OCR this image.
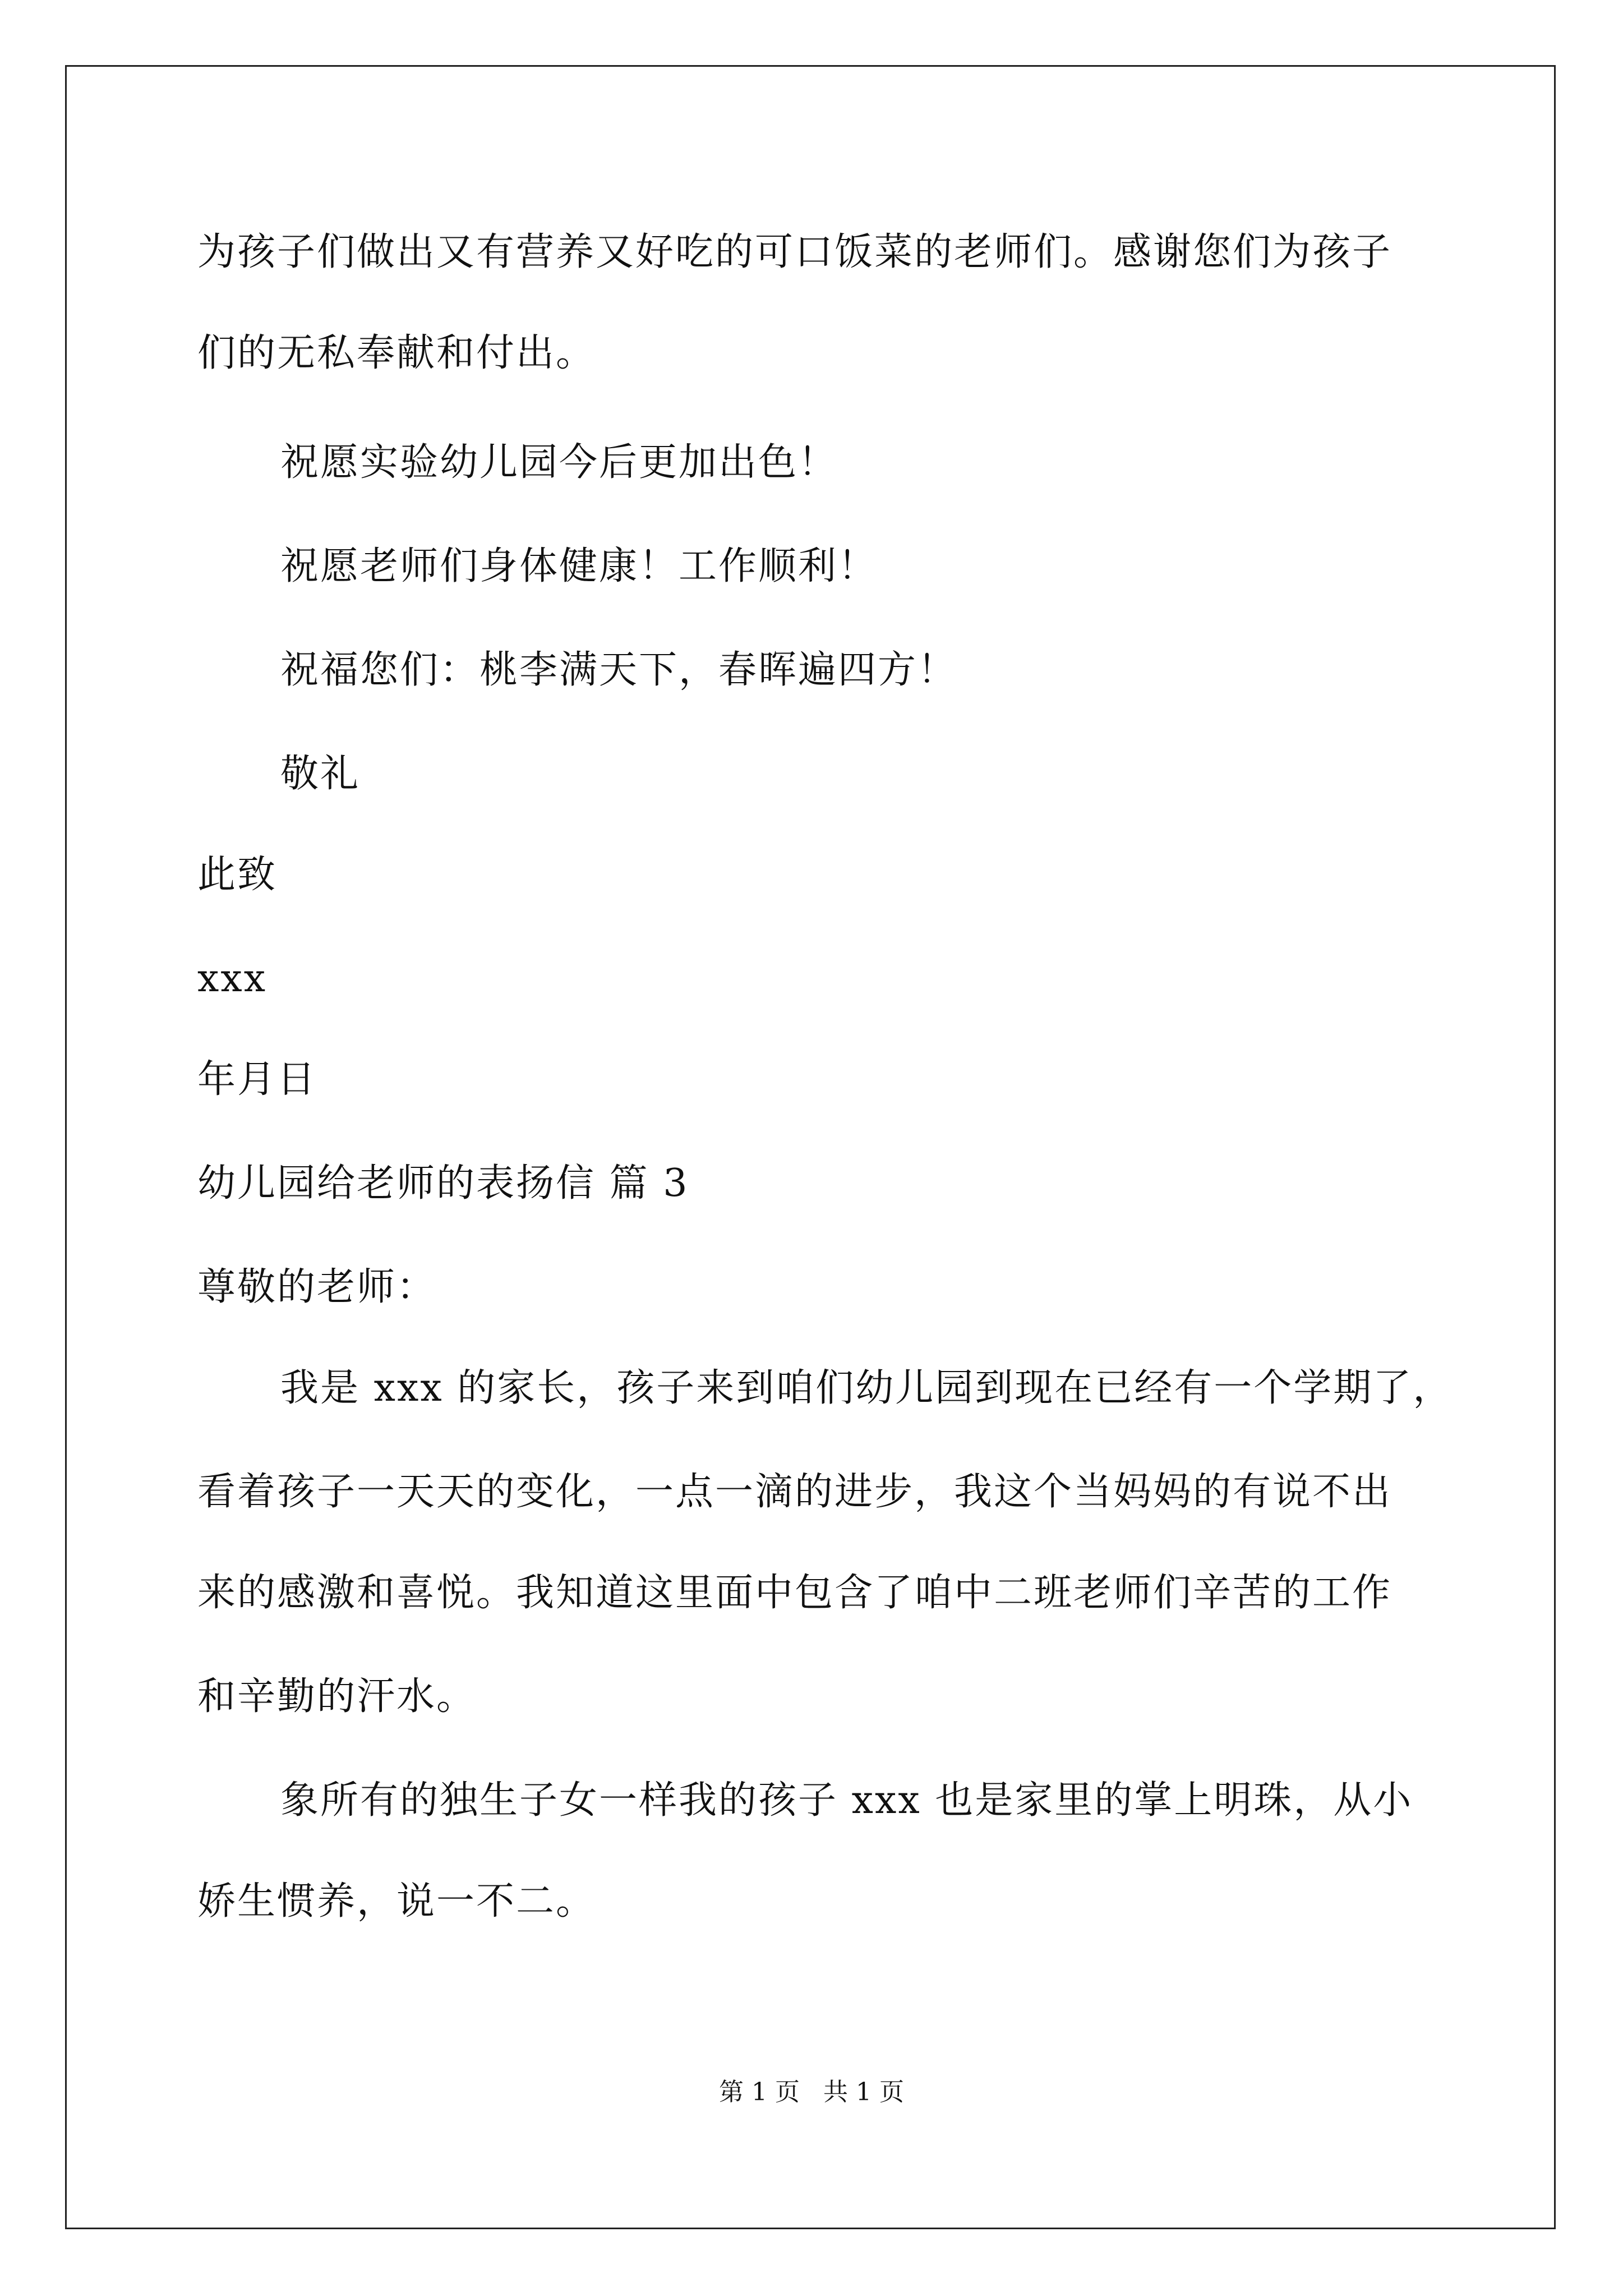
为孩子们做出又有营养又好吃的可口饭菜的老师们。感谢您们为孩子

们的无私奉献和付出。

祝愿实验幼儿园今后更加出色！

祝愿老师们身体健康！工作顺利！

祝福您们：桃李满天下，春晖遍四方！

敬礼

此致

xxx

年月日

幼儿园给老师的表扬信 篇 3

尊敬的老师：

我是 xxx 的家长，孩子来到咱们幼儿园到现在已经有一个学期了，

看着孩子一天天的变化，一点一滴的进步，我这个当妈妈的有说不出

来的感激和喜悦。我知道这里面中包含了咱中二班老师们辛苦的工作

和辛勤的汗水。

象所有的独生子女一样我的孩子 xxx 也是家里的掌上明珠，从小

娇生惯养，说一不二。

第 1 页   共 1 页
